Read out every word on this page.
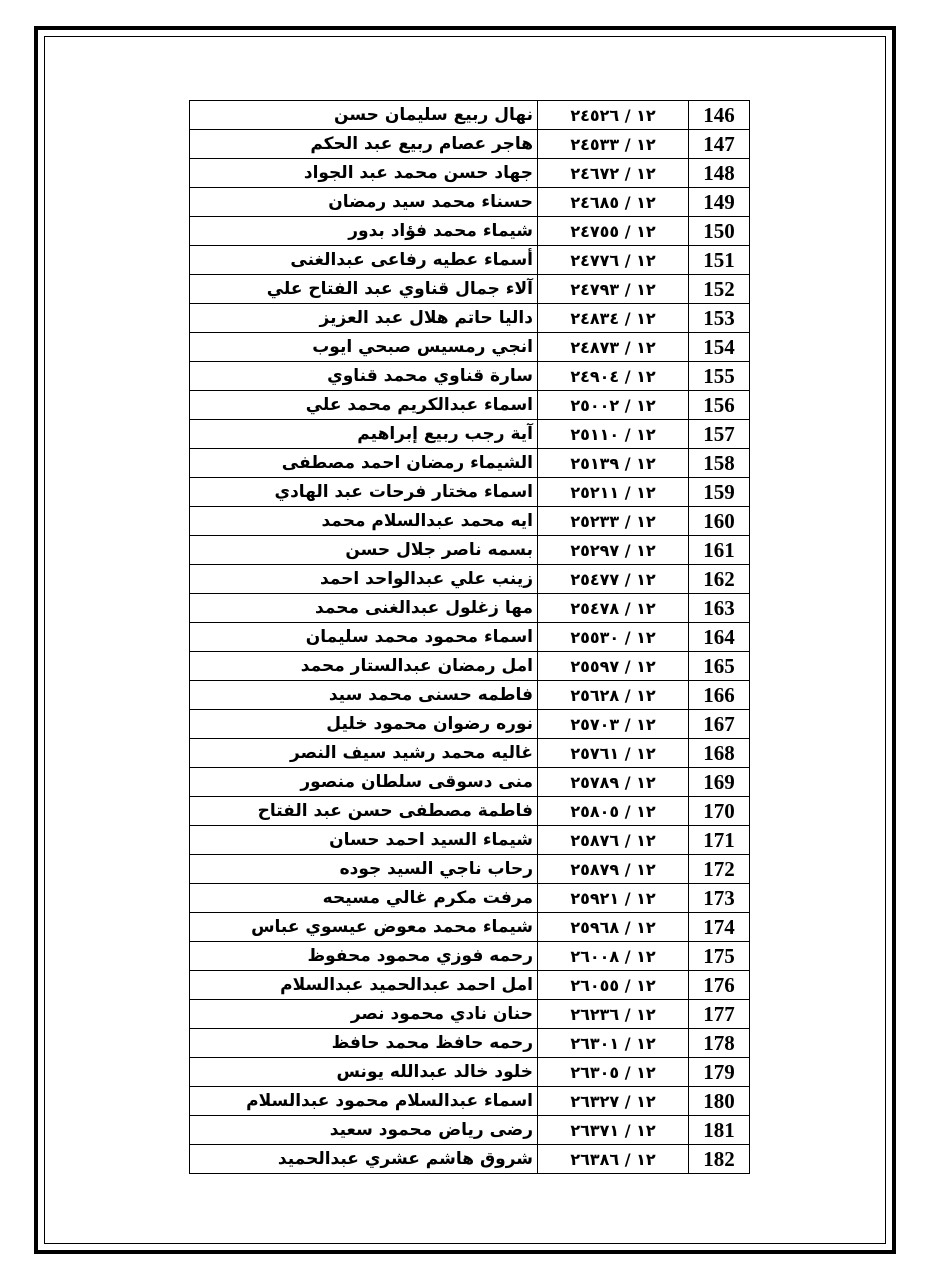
نهال ربيع سليمان حسن	١٢ / ٢٤٥٢٦	146
هاجر عصام ربيع عبد الحكم	١٢ / ٢٤٥٣٣	147
جهاد حسن محمد عبد الجواد	١٢ / ٢٤٦٧٢	148
حسناء محمد سيد رمضان	١٢ / ٢٤٦٨٥	149
شيماء محمد فؤاد بدور	١٢ / ٢٤٧٥٥	150
أسماء عطيه رفاعى عبدالغنى	١٢ / ٢٤٧٧٦	151
آلاء جمال قناوي عبد الفتاح علي	١٢ / ٢٤٧٩٣	152
داليا حاتم هلال عبد العزيز	١٢ / ٢٤٨٣٤	153
انجي رمسيس صبحي ايوب	١٢ / ٢٤٨٧٣	154
سارة قناوي محمد قناوي	١٢ / ٢٤٩٠٤	155
اسماء عبدالكريم محمد علي	١٢ / ٢٥٠٠٢	156
آية رجب ربيع إبراهيم	١٢ / ٢٥١١٠	157
الشيماء رمضان احمد مصطفى	١٢ / ٢٥١٣٩	158
اسماء مختار فرحات عبد الهادي	١٢ / ٢٥٢١١	159
ايه محمد عبدالسلام محمد	١٢ / ٢٥٢٣٣	160
بسمه ناصر جلال حسن	١٢ / ٢٥٢٩٧	161
زينب علي عبدالواحد احمد	١٢ / ٢٥٤٧٧	162
مها زغلول عبدالغنى محمد	١٢ / ٢٥٤٧٨	163
اسماء محمود محمد سليمان	١٢ / ٢٥٥٣٠	164
امل رمضان عبدالستار محمد	١٢ / ٢٥٥٩٧	165
فاطمه حسنى محمد سيد	١٢ / ٢٥٦٢٨	166
نوره رضوان محمود خليل	١٢ / ٢٥٧٠٣	167
غاليه محمد رشيد سيف النصر	١٢ / ٢٥٧٦١	168
منى دسوقى سلطان منصور	١٢ / ٢٥٧٨٩	169
فاطمة مصطفى حسن عبد الفتاح	١٢ / ٢٥٨٠٥	170
شيماء السيد احمد حسان	١٢ / ٢٥٨٧٦	171
رحاب ناجي السيد جوده	١٢ / ٢٥٨٧٩	172
مرفت مكرم غالي مسيحه	١٢ / ٢٥٩٢١	173
شيماء محمد معوض عيسوي عباس	١٢ / ٢٥٩٦٨	174
رحمه فوزي محمود محفوظ	١٢ / ٢٦٠٠٨	175
امل احمد عبدالحميد عبدالسلام	١٢ / ٢٦٠٥٥	176
حنان نادي محمود نصر	١٢ / ٢٦٢٣٦	177
رحمه حافظ محمد حافظ	١٢ / ٢٦٣٠١	178
خلود خالد عبدالله يونس	١٢ / ٢٦٣٠٥	179
اسماء عبدالسلام محمود عبدالسلام	١٢ / ٢٦٣٢٧	180
رضى رياض محمود سعيد	١٢ / ٢٦٣٧١	181
شروق هاشم عشري عبدالحميد	١٢ / ٢٦٣٨٦	182
